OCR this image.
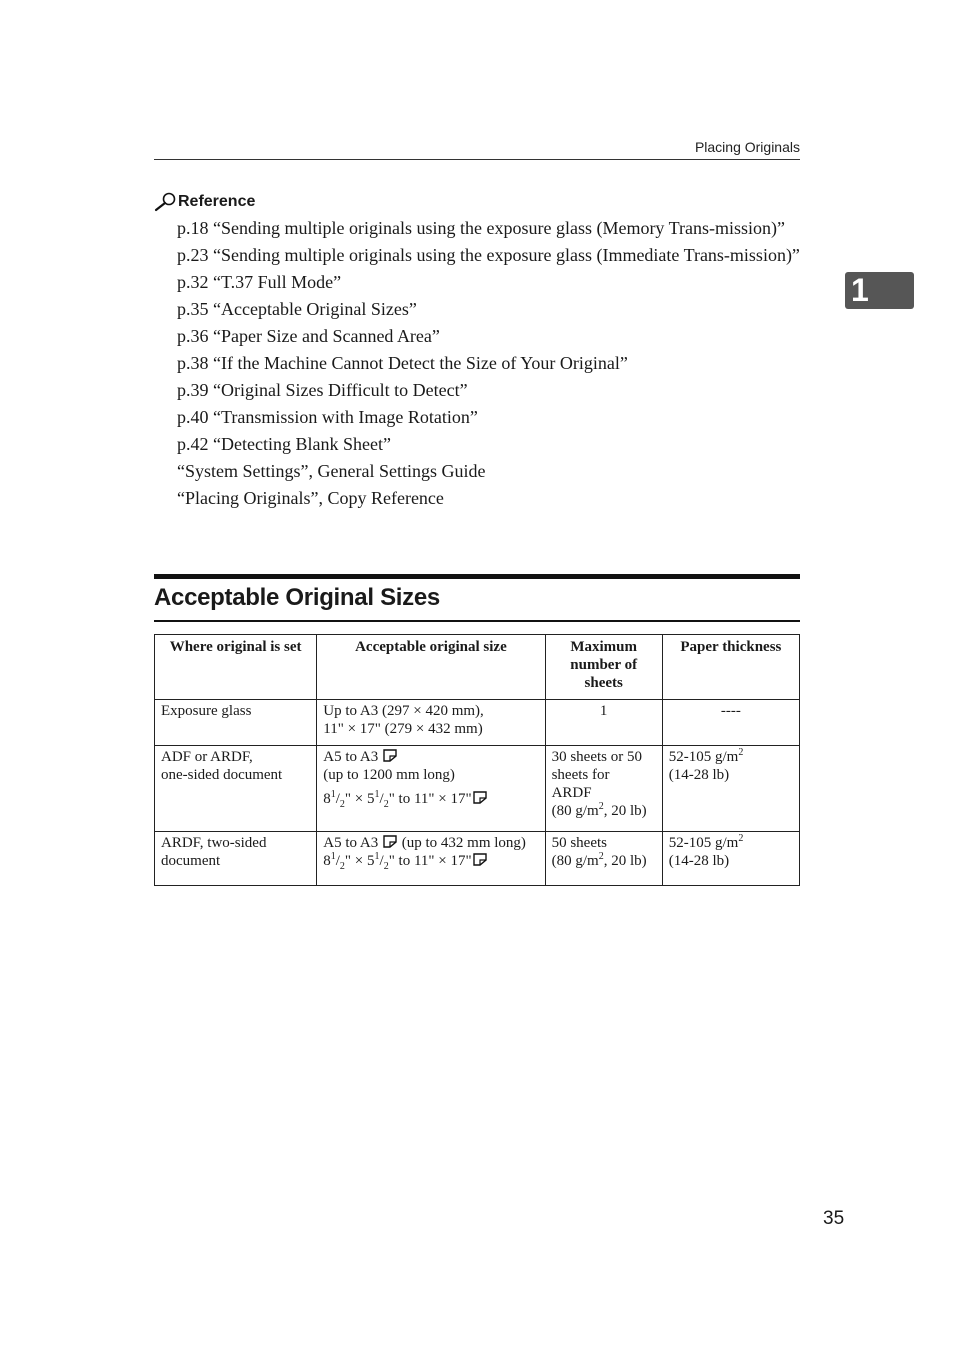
Placing Originals
1
Reference
p.18 “Sending multiple originals using the exposure glass (Memory Trans-mission)”
p.23 “Sending multiple originals using the exposure glass (Immediate Trans-mission)”
p.32 “T.37 Full Mode”
p.35 “Acceptable Original Sizes”
p.36 “Paper Size and Scanned Area”
p.38 “If the Machine Cannot Detect the Size of Your Original”
p.39 “Original Sizes Difficult to Detect”
p.40 “Transmission with Image Rotation”
p.42 “Detecting Blank Sheet”
“System Settings”, General Settings Guide
“Placing Originals”, Copy Reference
Acceptable Original Sizes
Where original is set	Acceptable original size	Maximum number of sheets	Paper thickness
Exposure glass	Up to A3 (297 × 420 mm),
11" × 17" (279 × 432 mm)	1	----
ADF or ARDF,
one-sided document	A5 to A3
(up to 1200 mm long)
$8^1/_2$" × $5^1/_2$" to 11" × 17"	30 sheets or 50
sheets for
ARDF
(80 $g/m^2$, 20 lb)	52-105 $g/m^2$
(14-28 lb)
ARDF, two-sided
document	A5 to A3 (up to 432 mm long)
$8^1/_2$" × $5^1/_2$" to 11" × 17"	50 sheets
(80 $g/m^2$, 20 lb)	52-105 $g/m^2$
(14-28 lb)
35
